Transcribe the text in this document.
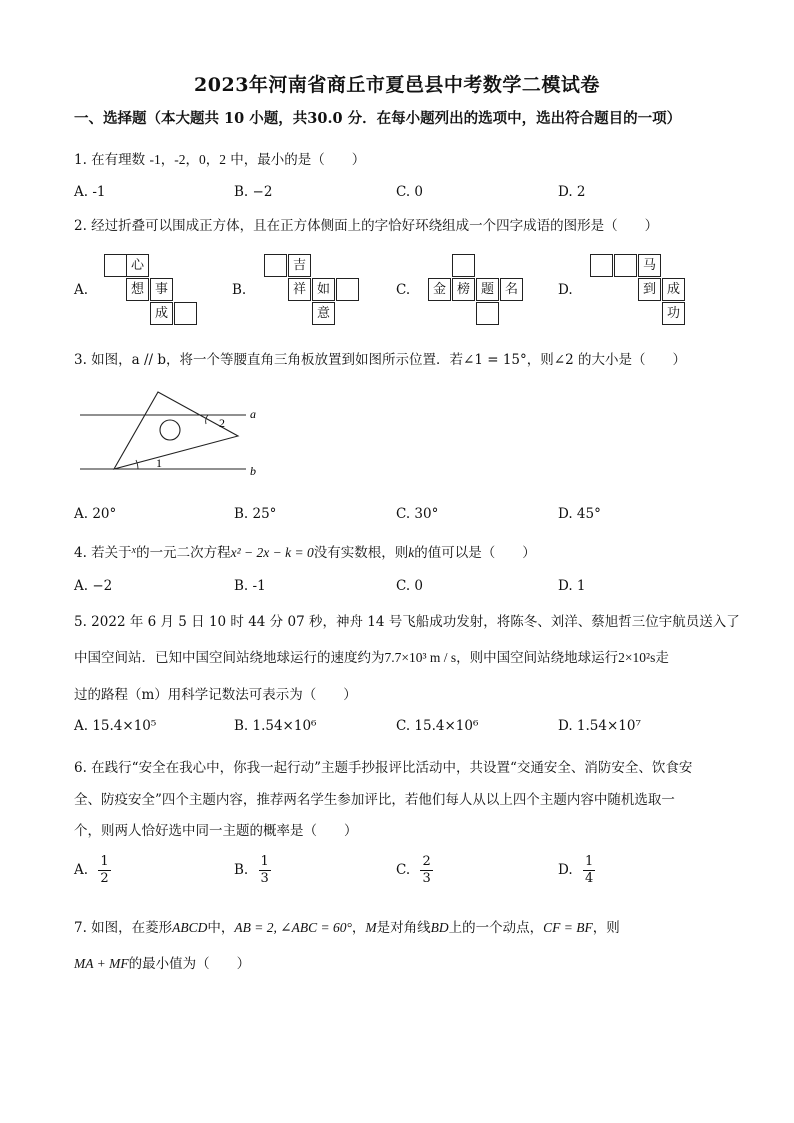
2023年河南省商丘市夏邑县中考数学二模试卷
一、选择题（本大题共 10 小题，共30.0 分．在每小题列出的选项中，选出符合题目的一项）
1. 在有理数 -1，-2，0，2 中，最小的是（　　）
A. -1	B. −2	C. 0	D. 2
2. 经过折叠可以围成正方体，且在正方体侧面上的字恰好环绕组成一个四字成语的图形是（　　）
A.
心
想 事
成
B.
吉
祥 如
意
C.	金 榜 题 名	D.
马
到 成
功
3. 如图，a // b，将一个等腰直角三角板放置到如图所示位置．若∠1 = 15°，则∠2 的大小是（　　）
1
2
a
b
A. 20°	B. 25°	C. 30°	D. 45°
4. 若关于$^x$的一元二次方程x² − 2x − k = 0没有实数根，则k的值可以是（　　）
A. −2	B. -1	C. 0	D. 1
5. 2022 年 6 月 5 日 10 时 44 分 07 秒，神舟 14 号飞船成功发射，将陈冬、刘洋、蔡旭哲三位宇航员送入了
中国空间站．已知中国空间站绕地球运行的速度约为7.7×10³ m / s，则中国空间站绕地球运行2×10²s走
过的路程（m）用科学记数法可表示为（　　）
A. 15.4×10⁵	B. 1.54×10⁶	C. 15.4×10⁶	D. 1.54×10⁷
6. 在践行“安全在我心中，你我一起行动”主题手抄报评比活动中，共设置“交通安全、消防安全、饮食安
全、防疫安全”四个主题内容，推荐两名学生参加评比，若他们每人从以上四个主题内容中随机选取一
个，则两人恰好选中同一主题的概率是（　　）
A. $\frac{1}{2}$	B. $\frac{1}{3}$	C. $\frac{2}{3}$	D. $\frac{1}{4}$
7. 如图，在菱形ABCD中，AB = 2, ∠ABC = 60°，M是对角线BD上的一个动点，CF = BF，则
MA + MF的最小值为（　　）
